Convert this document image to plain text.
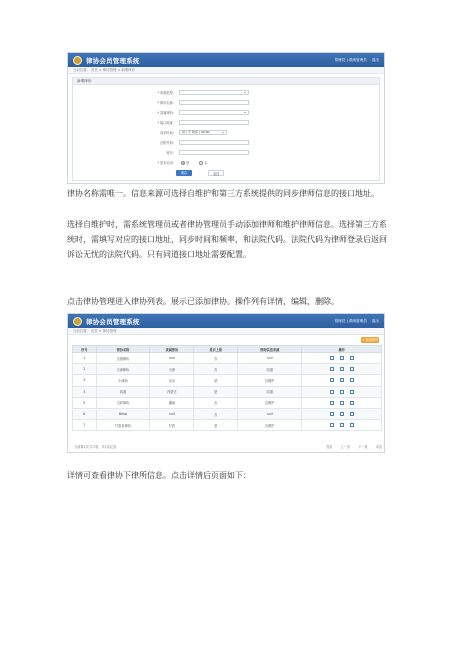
律协会员管理系统	管理员 | 系统管理员 退出
当前位置： 首页 > 律协管理 > 新增律协
新增律协
* 来源类型：
* 律协名称：
* 隶属律协：
* 接口地址：
同步时间：	每 | 天 同步 | 00:00
法院代码：
账号：
* 是否启用：	是	否
保存	返回

律协名称需唯一。信息来源可选择自维护和第三方系统提供的同步律师信息的接口地址。

选择自维护时，需系统管理员或者律协管理员手动添加律师和维护律师信息。选择第三方系统时，需填写对应的接口地址，同步时间和频率，和法院代码。法院代码为律师登录后返回诉讼无忧的法院代码。只有同道接口地址需要配置。

点击律协管理进入律协列表。展示已添加律协。操作列有详情，编辑，删除。

律协会员管理系统	管理员 | 系统管理员 退出
当前位置： 首页 > 律协管理
+ 新增律协
序号	律协名称	隶属律协	是否上级	律师信息来源	操作
1	全国律协	null	否	null	

2	天津律协	天津	否	同道	

3	小律协	北京	是	自维护	

4	同道	内蒙古	是	同道	

5	吉祥律协	湖南	否	自维护	

6	Bessi	null	否	null	

7	甘肃省律协	甘孜	是	自维护	
当前第1页 共7条，共1页记录	首页	上一页	下一页	末页

详情可查看律协下律所信息。点击详情后页面如下：
